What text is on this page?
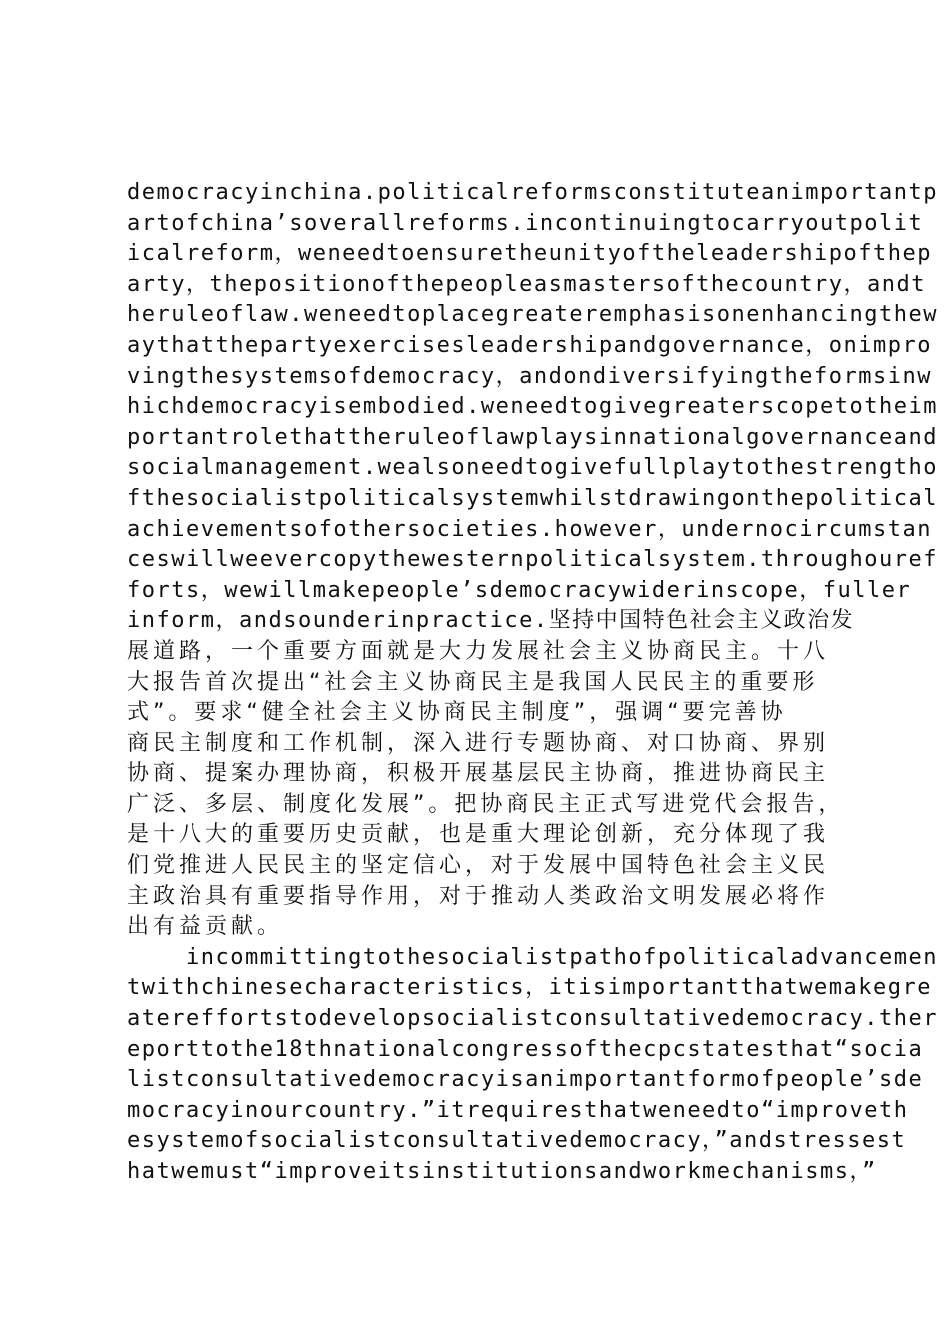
democracyinchina.politicalreformsconstituteanimportantp
artofchina’soverallreforms.incontinuingtocarryoutpolit
icalreform，weneedtoensuretheunityoftheleadershipofthep
arty，thepositionofthepeopleasmastersofthecountry，andt
heruleoflaw.weneedtoplacegreateremphasisonenhancingthew
aythatthepartyexercisesleadershipandgovernance，onimpro
vingthesystemsofdemocracy，andondiversifyingtheformsinw
hichdemocracyisembodied.weneedtogivegreaterscopetotheim
portantrolethattheruleoflawplaysinnationalgovernanceand
socialmanagement.wealsoneedtogivefullplaytothestrengtho
fthesocialistpoliticalsystemwhilstdrawingonthepolitical
achievementsofothersocieties.however，undernocircumstan
ceswillweevercopythewesternpoliticalsystem.throughouref
forts，wewillmakepeople’sdemocracywiderinscope，fuller
inform，andsounderinpractice.坚持中国特色社会主义政治发
展道路，一个重要方面就是大力发展社会主义协商民主。十八
大报告首次提出“社会主义协商民主是我国人民民主的重要形
式”。要求“健全社会主义协商民主制度”，强调“要完善协
商民主制度和工作机制，深入进行专题协商、对口协商、界别
协商、提案办理协商，积极开展基层民主协商，推进协商民主
广泛、多层、制度化发展”。把协商民主正式写进党代会报告，
是十八大的重要历史贡献，也是重大理论创新，充分体现了我
们党推进人民民主的坚定信心，对于发展中国特色社会主义民
主政治具有重要指导作用，对于推动人类政治文明发展必将作
出有益贡献。
incommittingtothesocialistpathofpoliticaladvancemen
twithchinesecharacteristics，itisimportantthatwemakegre
atereffortstodevelopsocialistconsultativedemocracy.ther
eporttothe18thnationalcongressofthecpcstatesthat“socia
listconsultativedemocracyisanimportantformofpeople’sde
mocracyinourcountry.”itrequiresthatweneedto“improveth
esystemofsocialistconsultativedemocracy，”andstressest
hatwemust“improveitsinstitutionsandworkmechanisms，”
